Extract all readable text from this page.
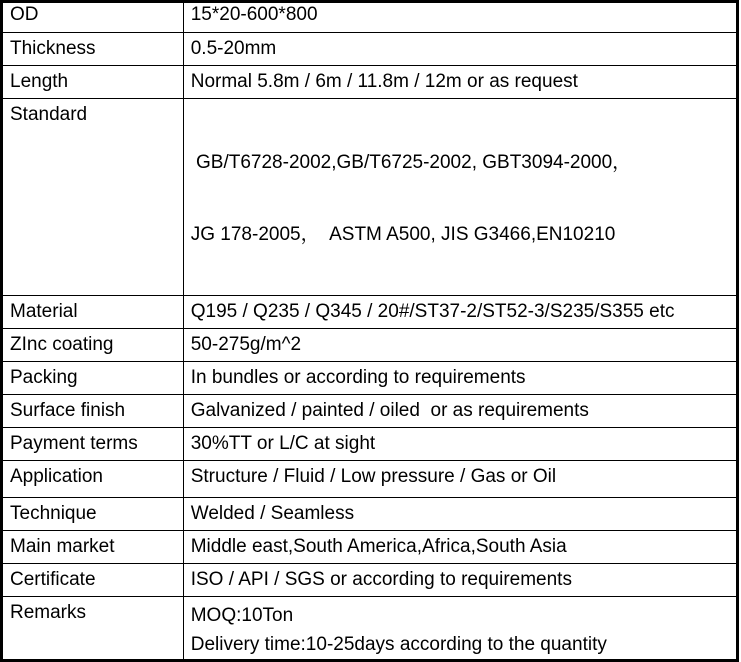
OD	15*20-600*800

Thickness	0.5-20mm

Length	Normal 5.8m / 6m / 11.8m / 12m or as request

Standard	GB/T6728-2002,GB/T6725-2002, GBT3094-2000，

JG 178-2005，  ASTM A500, JIS G3466,EN10210

Material	Q195 / Q235 / Q345 / 20#/ST37-2/ST52-3/S235/S355 etc

ZInc coating	50-275g/m^2

Packing	In bundles or according to requirements

Surface finish	Galvanized / painted / oiled  or as requirements

Payment terms	30%TT or L/C at sight

Application	Structure / Fluid / Low pressure / Gas or Oil

Technique	Welded / Seamless

Main market	Middle east,South America,Africa,South Asia

Certificate	ISO / API / SGS or according to requirements

Remarks	MOQ:10Ton
Delivery time:10-25days according to the quantity
